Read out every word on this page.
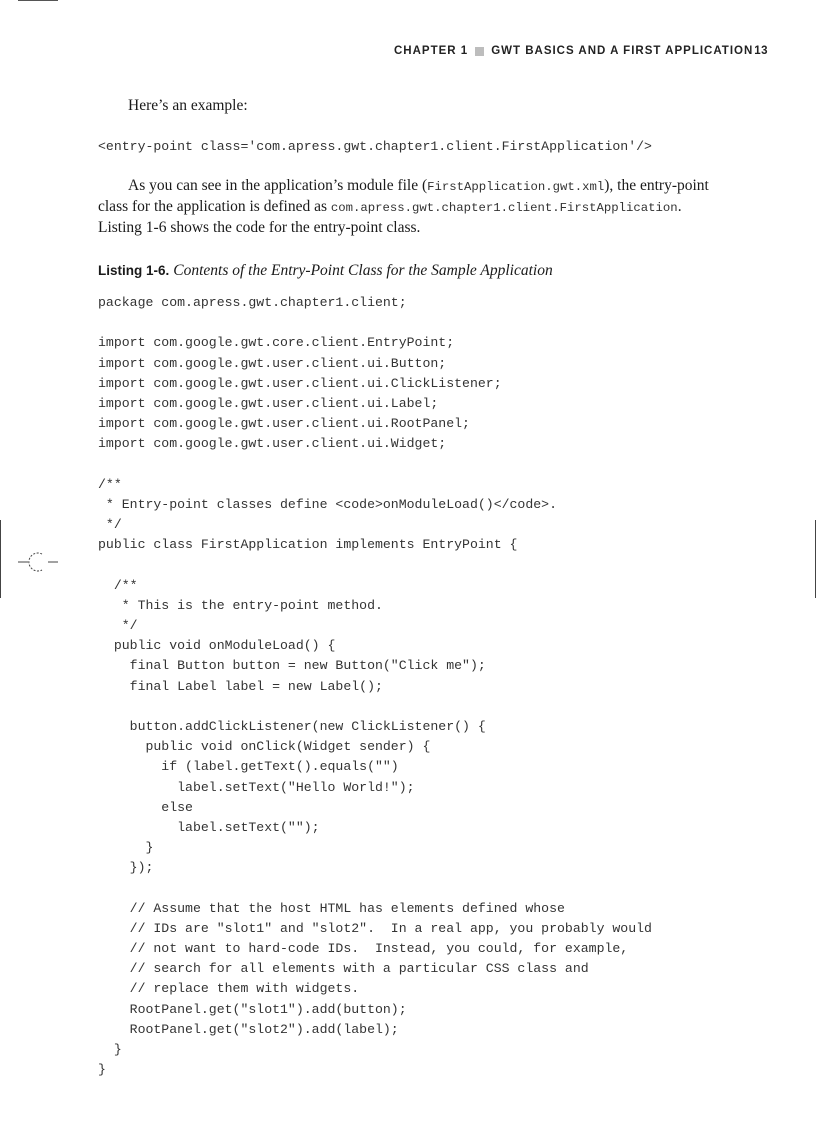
CHAPTER 1 GWT BASICS AND A FIRST APPLICATION 13

Here’s an example:

<entry-point class='com.apress.gwt.chapter1.client.FirstApplication'/>

As you can see in the application’s module file (FirstApplication.gwt.xml), the entry-point class for the application is defined as com.apress.gwt.chapter1.client.FirstApplication. Listing 1-6 shows the code for the entry-point class.

Listing 1-6. Contents of the Entry-Point Class for the Sample Application
package com.apress.gwt.chapter1.client;
import com.google.gwt.core.client.EntryPoint;
import com.google.gwt.user.client.ui.Button;
import com.google.gwt.user.client.ui.ClickListener;
import com.google.gwt.user.client.ui.Label;
import com.google.gwt.user.client.ui.RootPanel;
import com.google.gwt.user.client.ui.Widget;
/**
* Entry-point classes define <code>onModuleLoad()</code>.
*/
public class FirstApplication implements EntryPoint {
/**
* This is the entry-point method.
*/
public void onModuleLoad() {
final Button button = new Button("Click me");
final Label label = new Label();
button.addClickListener(new ClickListener() {
public void onClick(Widget sender) {
if (label.getText().equals("")
label.setText("Hello World!");
else
label.setText("");
}
});
// Assume that the host HTML has elements defined whose
// IDs are "slot1" and "slot2".  In a real app, you probably would
// not want to hard-code IDs.  Instead, you could, for example,
// search for all elements with a particular CSS class and
// replace them with widgets.
RootPanel.get("slot1").add(button);
RootPanel.get("slot2").add(label);
}
}
